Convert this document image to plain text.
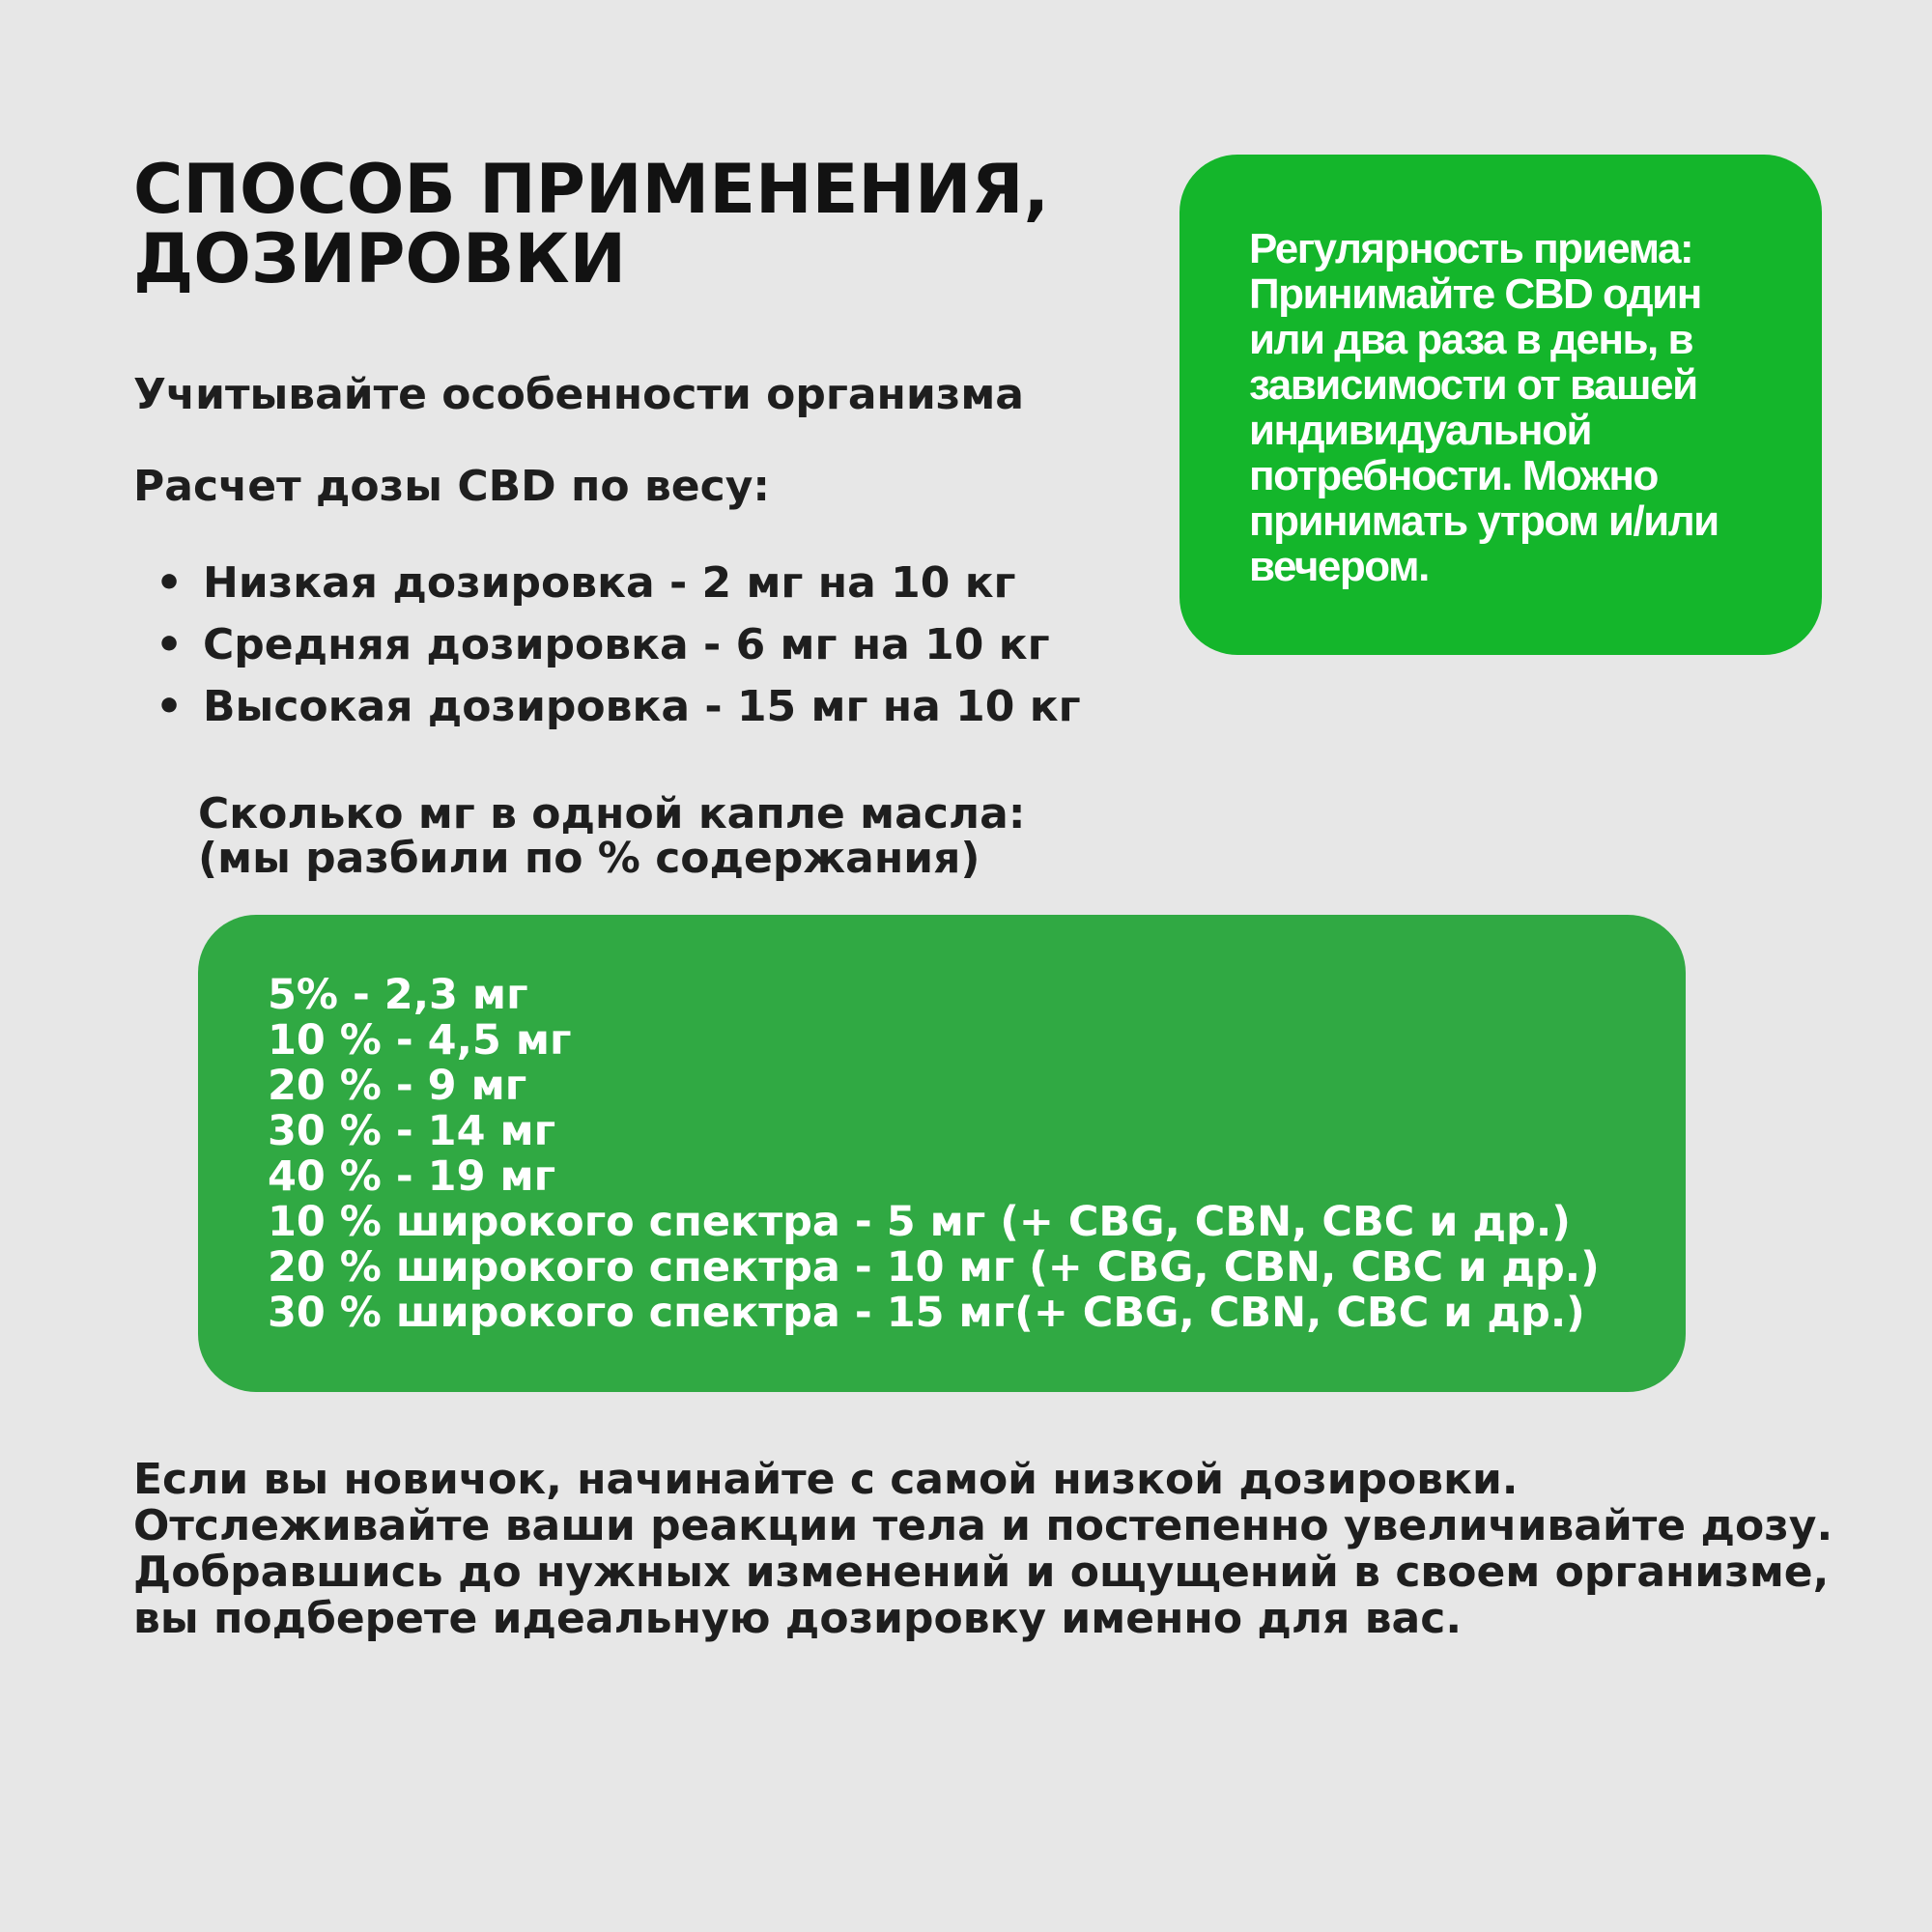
СПОСОБ ПРИМЕНЕНИЯ,
ДОЗИРОВКИ

Учитывайте особенности организма

Расчет дозы CBD по весу:

• Низкая дозировка - 2 мг на 10 кг
• Средняя дозировка - 6 мг на 10 кг
• Высокая дозировка - 15 мг на 10 кг
Сколько мг в одной капле масла:
(мы разбили по % содержания)
5% - 2,3 мг
10 % - 4,5 мг
20 % - 9 мг
30 % - 14 мг
40 % - 19 мг
10 % широкого спектра - 5 мг (+ CBG, CBN, CBC и др.)
20 % широкого спектра - 10 мг (+ CBG, CBN, CBC и др.)
30 % широкого спектра - 15 мг(+ CBG, CBN, CBC и др.)

Регулярность приема:
Принимайте CBD один
или два раза в день, в
зависимости от вашей
индивидуальной
потребности. Можно
принимать утром и/или
вечером.

Если вы новичок, начинайте с самой низкой дозировки.
Отслеживайте ваши реакции тела и постепенно увеличивайте дозу.
Добравшись до нужных изменений и ощущений в своем организме,
вы подберете идеальную дозировку именно для вас.
